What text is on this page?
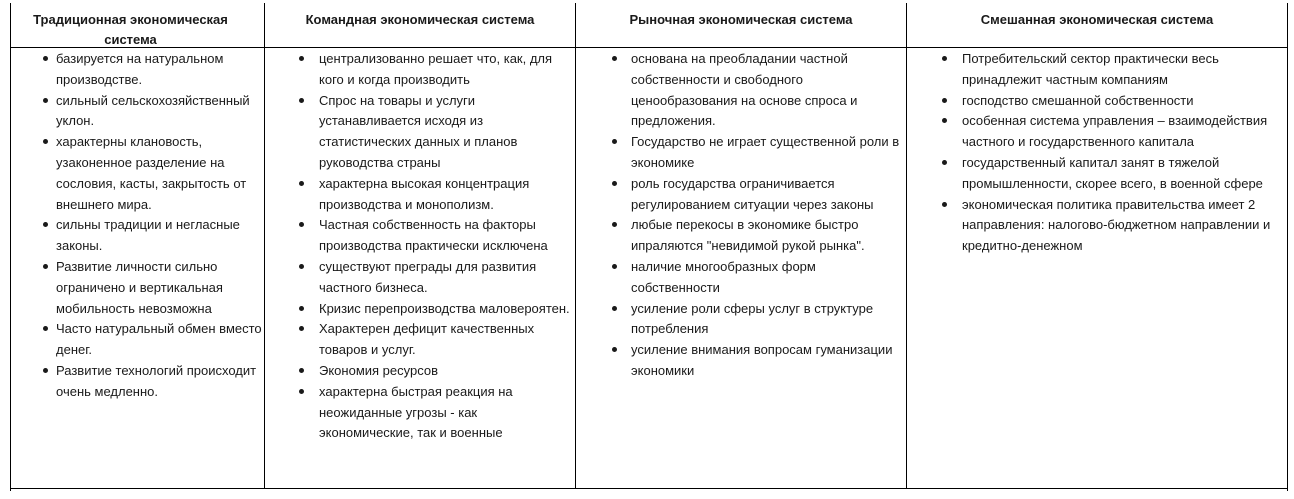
Традиционная экономическая система
Командная экономическая система	Рыночная экономическая система	Смешанная экономическая система
базируется на натуральном производстве.
сильный сельскохозяйственный уклон.
характерны клановость, узаконенное разделение на сословия, касты, закрытость от внешнего мира.
сильны традиции и негласные законы.
Развитие личности сильно ограничено и вертикальная мобильность невозможна
Часто натуральный обмен вместо денег.
Развитие технологий происходит очень медленно.
централизованно решает что, как, для кого и когда производить
Спрос на товары и услуги устанавливается исходя из статистических данных и планов руководства страны
характерна высокая концентрация производства и монополизм.
Частная собственность на факторы производства практически исключена
существуют преграды для развития частного бизнеса.
Кризис перепроизводства маловероятен.
Характерен дефицит качественных товаров и услуг.
Экономия ресурсов
характерна быстрая реакция на неожиданные угрозы - как экономические, так и военные
основана на преобладании частной собственности и свободного ценообразования на основе спроса и предложения.
Государство не играет существенной роли в экономике
роль государства ограничивается регулированием ситуации через законы
любые перекосы в экономике быстро ипраляются "невидимой рукой рынка".
наличие многообразных форм собственности
усиление роли сферы услуг в структуре потребления
усиление внимания вопросам гуманизации экономики
Потребительский сектор практически весь принадлежит частным компаниям
господство смешанной собственности
особенная система управления – взаимодействия частного и государственного капитала
государственный капитал занят в тяжелой промышленности, скорее всего, в военной сфере
экономическая политика правительства имеет 2 направления: налогово-бюджетном направлении и кредитно-денежном
